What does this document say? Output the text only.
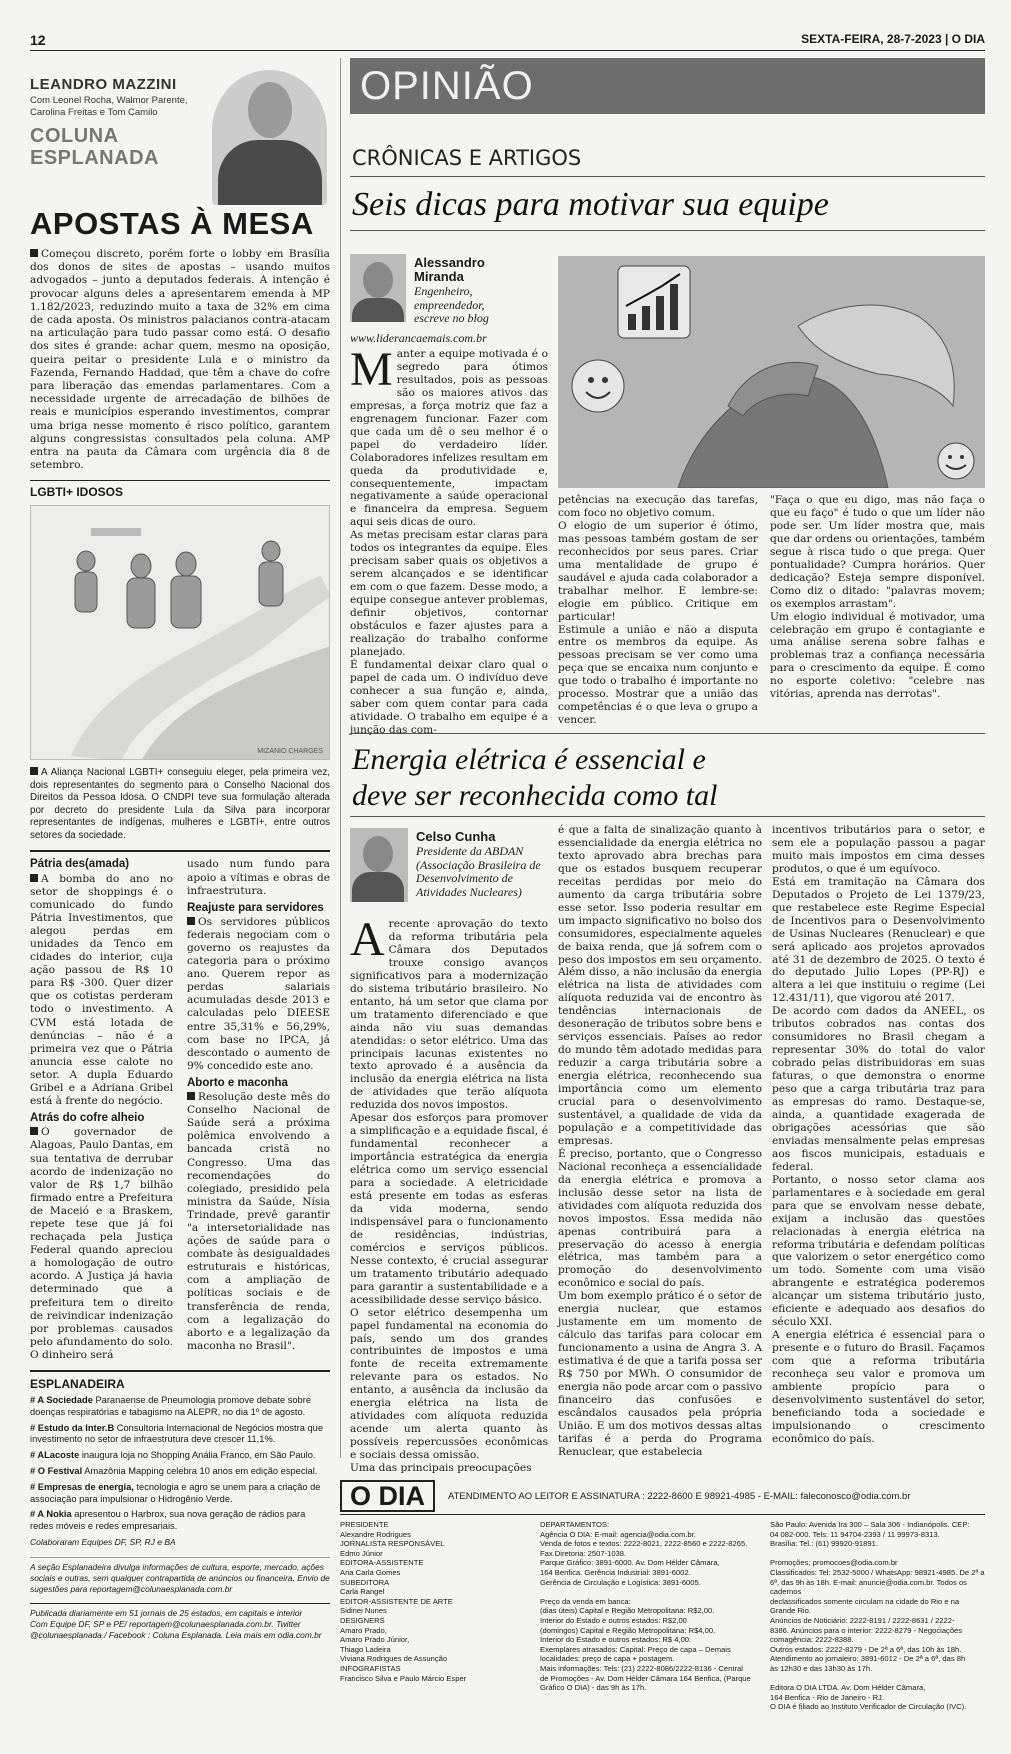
12	SEXTA-FEIRA, 28-7-2023 | O DIA
LEANDRO MAZZINI
Com Leonel Rocha, Walmor Parente,
Carolina Freitas e Tom Camilo
COLUNA
ESPLANADA
APOSTAS À MESA

Começou discreto, porém forte o lobby em Brasília dos donos de sites de apostas – usando muitos advogados – junto a deputados federais. A intenção é provocar alguns deles a apresentarem emenda à MP 1.182/2023, reduzindo muito a taxa de 32% em cima de cada aposta. Os ministros palacianos contra-atacam na articulação para tudo passar como está. O desafio dos sites é grande: achar quem, mesmo na oposição, queira peitar o presidente Lula e o ministro da Fazenda, Fernando Haddad, que têm a chave do cofre para liberação das emendas parlamentares. Com a necessidade urgente de arrecadação de bilhões de reais e municípios esperando investimentos, comprar uma briga nesse momento é risco político, garantem alguns congressistas consultados pela coluna. AMP entra na pauta da Câmara com urgência dia 8 de setembro.

LGBTI+ IDOSOS
MIZANIO CHARGES

A Aliança Nacional LGBTI+ conseguiu eleger, pela primeira vez, dois representantes do segmento para o Conselho Nacional dos Direitos da Pessoa Idosa. O CNDPI teve sua formulação alterada por decreto do presidente Lula da Silva para incorporar representantes de indígenas, mulheres e LGBTI+, entre outros setores da sociedade.

Pátria des(amada)

A bomba do ano no setor de shoppings é o comunicado do fundo Pátria Investimentos, que alegou perdas em unidades da Tenco em cidades do interior, cuja ação passou de R$ 10 para R$ -300. Quer dizer que os cotistas perderam todo o investimento. A CVM está lotada de denúncias – não é a primeira vez que o Pátria anuncia esse calote no setor. A dupla Eduardo Gribel e a Adriana Gribel está à frente do negócio.

Atrás do cofre alheio

O governador de Alagoas, Paulo Dantas, em sua tentativa de derrubar acordo de indenização no valor de R$ 1,7 bilhão firmado entre a Prefeitura de Maceió e a Braskem, repete tese que já foi rechaçada pela Justiça Federal quando apreciou a homologação de outro acordo. A Justiça já havia determinado que a prefeitura tem o direito de reivindicar indenização por problemas causados pelo afundamento do solo. O dinheiro será

usado num fundo para apoio a vítimas e obras de infraestrutura.

Reajuste para servidores

Os servidores públicos federais negociam com o governo os reajustes da categoria para o próximo ano. Querem repor as perdas salariais acumuladas desde 2013 e calculadas pelo DIEESE entre 35,31% e 56,29%, com base no IPCA, já descontado o aumento de 9% concedido este ano.

Aborto e maconha

Resolução deste mês do Conselho Nacional de Saúde será a próxima polêmica envolvendo a bancada cristã no Congresso. Uma das recomendações do colegiado, presidido pela ministra da Saúde, Nísia Trindade, prevê garantir "a intersetorialidade nas ações de saúde para o combate às desigualdades estruturais e históricas, com a ampliação de políticas sociais e de transferência de renda, com a legalização do aborto e a legalização da maconha no Brasil".

ESPLANADEIRA
# A Sociedade Paranaense de Pneumologia promove debate sobre doenças respiratórias e tabagismo na ALEPR, no dia 1º de agosto.
# Estudo da Inter.B Consultoria Internacional de Negócios mostra que investimento no setor de infraestrutura deve crescer 11,1%.
# ALacoste inaugura loja no Shopping Anália Franco, em São Paulo.
# O Festival Amazônia Mapping celebra 10 anos em edição especial.
# Empresas de energia, tecnologia e agro se unem para a criação de associação para impulsionar o Hidrogênio Verde.
# A Nokia apresentou o Harbrox, sua nova geração de rádios para redes móveis e redes empresariais.
Colaboraram Equipes DF, SP, RJ e BA

A seção Esplanadeira divulga informações de cultura, esporte, mercado, ações sociais e outras, sem qualquer contrapartida de anúncios ou financeira. Envio de sugestões para reportagem@colunaesplanada.com.br

Publicada diariamente em 51 jornais de 25 estados, em capitais e interior
Com Equipe DF, SP e PE/ reportagem@colunaesplanada.com.br. Twitter @colunaesplanada / Facebook : Coluna Esplanada. Leia mais em odia.com.br

OPINIÃO
CRÔNICAS E ARTIGOS
Seis dicas para motivar sua equipe
Alessandro
Miranda
Engenheiro, empreendedor, escreve no blog
www.liderancaemais.com.br
Manter a equipe motivada é o segredo para ótimos resultados, pois as pessoas são os maiores ativos das empresas, a força motriz que faz a engrenagem funcionar. Fazer com que cada um dê o seu melhor é o papel do verdadeiro líder. Colaboradores infelizes resultam em queda da produtividade e, consequentemente, impactam negativamente a saúde operacional e financeira da empresa. Seguem aqui seis dicas de ouro.
As metas precisam estar claras para todos os integrantes da equipe. Eles precisam saber quais os objetivos a serem alcançados e se identificar em com o que fazem. Desse modo, a equipe consegue antever problemas, definir objetivos, contornar obstáculos e fazer ajustes para a realização do trabalho conforme planejado.
É fundamental deixar claro qual o papel de cada um. O indivíduo deve conhecer a sua função e, ainda, saber com quem contar para cada atividade. O trabalho em equipe é a junção das com-
petências na execução das tarefas, com foco no objetivo comum.
O elogio de um superior é ótimo, mas pessoas também gostam de ser reconhecidos por seus pares. Criar uma mentalidade de grupo é saudável e ajuda cada colaborador a trabalhar melhor. E lembre-se: elogie em público. Critique em particular!
Estimule a união e não a disputa entre os membros da equipe. As pessoas precisam se ver como uma peça que se encaixa num conjunto e que todo o trabalho é importante no processo. Mostrar que a união das competências é o que leva o grupo a vencer.
"Faça o que eu digo, mas não faça o que eu faço" é tudo o que um líder não pode ser. Um líder mostra que, mais que dar ordens ou orientações, também segue à risca tudo o que prega. Quer pontualidade? Cumpra horários. Quer dedicação? Esteja sempre disponível. Como diz o ditado: "palavras movem; os exemplos arrastam".
Um elogio individual é motivador, uma celebração em grupo é contagiante e uma análise serena sobre falhas e problemas traz a confiança necessária para o crescimento da equipe. É como no esporte coletivo: "celebre nas vitórias, aprenda nas derrotas".
Energia elétrica é essencial e
deve ser reconhecida como tal
Celso Cunha
Presidente da ABDAN (Associação Brasileira de Desenvolvimento de Atividades Nucleares)
Arecente aprovação do texto da reforma tributária pela Câmara dos Deputados trouxe consigo avanços significativos para a modernização do sistema tributário brasileiro. No entanto, há um setor que clama por um tratamento diferenciado e que ainda não viu suas demandas atendidas: o setor elétrico. Uma das principais lacunas existentes no texto aprovado é a ausência da inclusão da energia elétrica na lista de atividades que terão alíquota reduzida dos novos impostos.
Apesar dos esforços para promover a simplificação e a equidade fiscal, é fundamental reconhecer a importância estratégica da energia elétrica como um serviço essencial para a sociedade. A eletricidade está presente em todas as esferas da vida moderna, sendo indispensável para o funcionamento de residências, indústrias, comércios e serviços públicos. Nesse contexto, é crucial assegurar um tratamento tributário adequado para garantir a sustentabilidade e a acessibilidade desse serviço básico.
O setor elétrico desempenha um papel fundamental na economia do país, sendo um dos grandes contribuintes de impostos e uma fonte de receita extremamente relevante para os estados. No entanto, a ausência da inclusão da energia elétrica na lista de atividades com alíquota reduzida acende um alerta quanto às possíveis repercussões econômicas e sociais dessa omissão.
Uma das principais preocupações
é que a falta de sinalização quanto à essencialidade da energia elétrica no texto aprovado abra brechas para que os estados busquem recuperar receitas perdidas por meio do aumento da carga tributária sobre esse setor. Isso poderia resultar em um impacto significativo no bolso dos consumidores, especialmente aqueles de baixa renda, que já sofrem com o peso dos impostos em seu orçamento.
Além disso, a não inclusão da energia elétrica na lista de atividades com alíquota reduzida vai de encontro às tendências internacionais de desoneração de tributos sobre bens e serviços essenciais. Países ao redor do mundo têm adotado medidas para reduzir a carga tributária sobre a energia elétrica, reconhecendo sua importância como um elemento crucial para o desenvolvimento sustentável, a qualidade de vida da população e a competitividade das empresas.
É preciso, portanto, que o Congresso Nacional reconheça a essencialidade da energia elétrica e promova a inclusão desse setor na lista de atividades com alíquota reduzida dos novos impostos. Essa medida não apenas contribuirá para a preservação do acesso à energia elétrica, mas também para a promoção do desenvolvimento econômico e social do país.
Um bom exemplo prático é o setor de energia nuclear, que estamos justamente em um momento de cálculo das tarifas para colocar em funcionamento a usina de Angra 3. A estimativa é de que a tarifa possa ser R$ 750 por MWh. O consumidor de energia não pode arcar com o passivo financeiro das confusões e escândalos causados pela própria União. E um dos motivos dessas altas tarifas é a perda do Programa Renuclear, que estabelecia
incentivos tributários para o setor, e sem ele a população passou a pagar muito mais impostos em cima desses produtos, o que é um equívoco.
Está em tramitação na Câmara dos Deputados o Projeto de Lei 1379/23, que restabelece este Regime Especial de Incentivos para o Desenvolvimento de Usinas Nucleares (Renuclear) e que será aplicado aos projetos aprovados até 31 de dezembro de 2025. O texto é do deputado Julio Lopes (PP-RJ) e altera a lei que instituiu o regime (Lei 12.431/11), que vigorou até 2017.
De acordo com dados da ANEEL, os tributos cobrados nas contas dos consumidores no Brasil chegam a representar 30% do total do valor cobrado pelas distribuidoras em suas faturas, o que demonstra o enorme peso que a carga tributária traz para as empresas do ramo. Destaque-se, ainda, a quantidade exagerada de obrigações acessórias que são enviadas mensalmente pelas empresas aos fiscos municipais, estaduais e federal.
Portanto, o nosso setor clama aos parlamentares e à sociedade em geral para que se envolvam nesse debate, exijam a inclusão das questões relacionadas à energia elétrica na reforma tributária e defendam políticas que valorizem o setor energético como um todo. Somente com uma visão abrangente e estratégica poderemos alcançar um sistema tributário justo, eficiente e adequado aos desafios do século XXI.
A energia elétrica é essencial para o presente e o futuro do Brasil. Façamos com que a reforma tributária reconheça seu valor e promova um ambiente propício para o desenvolvimento sustentável do setor, beneficiando toda a sociedade e impulsionando o crescimento econômico do país.
O DIA	ATENDIMENTO AO LEITOR E ASSINATURA : 2222-8600 E 98921-4985 - E-MAIL: faleconosco@odia.com.br
PRESIDENTE
Alexandre Rodrigues
JORNALISTA RESPONSÁVEL
Edmo Júnior
EDITORA-ASSISTENTE
Ana Carla Gomes
SUBEDITORA
Carla Rangel
EDITOR-ASSISTENTE DE ARTE
Sidinei Nunes
DESIGNERS
Amaro Prado,
Amaro Prado Júnior,
Thiago Ladeira
Viviana Rodrigues de Assunção
INFOGRAFISTAS
Francisco Silva e Paulo Márcio Esper
DEPARTAMENTOS:
Agência O DIA: E-mail: agencia@odia.com.br.
Venda de fotos e textos: 2222-8021, 2222-8560 e 2222-8265.
Fax Diretoria: 2507-1038.
Parque Gráfico: 3891-6000. Av. Dom Hélder Câmara,
164 Benfica. Gerência Industrial: 3891-6002.
Gerência de Circulação e Logística: 3891-6005.

Preço da venda em banca:
(dias úteis) Capital e Região Metropolitana: R$2,00.
Interior do Estado e outros estados: R$2,00
(domingos) Capital e Região Metropolitana: R$4,00.
Interior do Estado e outros estados: R$ 4,00.
Exemplares atrasados: Capital: Preço de capa – Demais
localidades: preço de capa + postagem.
Mais informações: Tels: (21) 2222-8086/2222-8136 - Central
de Promoções - Av. Dom Hélder Câmara 164 Benfica, (Parque
Gráfico O DIA) - das 9h às 17h.
São Paulo: Avenida Ira 300 – Sala 306 - Indianópolis. CEP:
04 082-000. Tels: 11 94704-2393 / 11 99973-8313.
Brasília: Tel.: (61) 99920-91891.

Promoções: promocoes@odia.com.br
Classificados: Tel: 2532-5000 / WhatsApp: 98921-4985. De 2ª a
6ª, das 9h às 18h. E-mail: anuncie@odia.com.br. Todos os cadernos
declassificados somente circulam na cidade do Rio e na Grande Rio.
Anúncios de Noticiário: 2222-8191 / 2222-8631 / 2222-
8386. Anúncios para o interior: 2222-8279 - Negociações
comagência: 2222-8388.
Outros estados: 2222-8279 - De 2ª a 6ª, das 10h às 18h.
Atendimento ao jornaleiro: 3891-6012 - De 2ª a 6ª, das 8h
às 12h30 e das 13h30 às 17h.

Editora O DIA LTDA. Av. Dom Hélder Câmara,
164 Benfica - Rio de Janeiro - RJ.
O DIA é filiado ao Instituto Verificador de Circulação (IVC).
